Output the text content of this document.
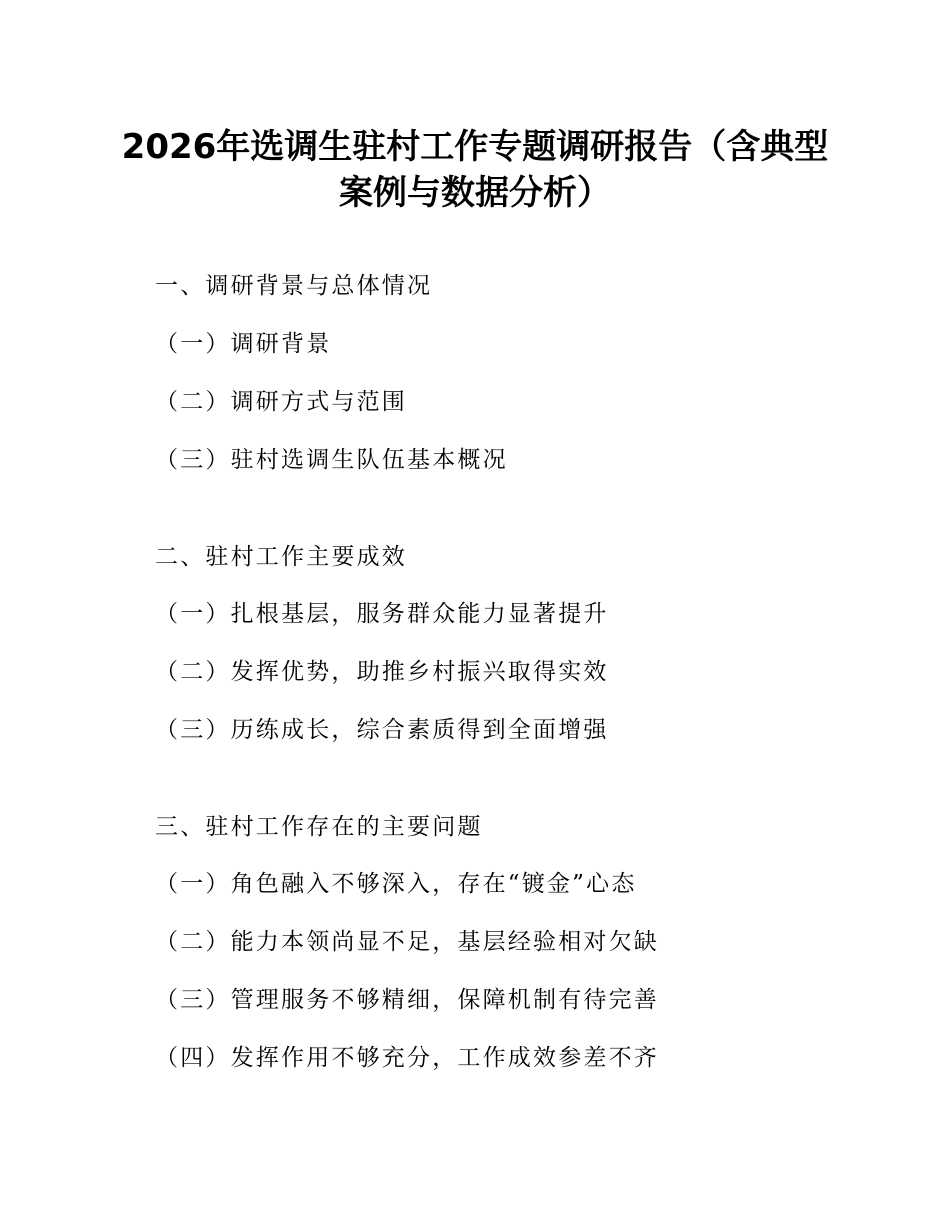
2026年选调生驻村工作专题调研报告（含典型
案例与数据分析）
一、调研背景与总体情况
（一）调研背景
（二）调研方式与范围
（三）驻村选调生队伍基本概况
二、驻村工作主要成效
（一）扎根基层，服务群众能力显著提升
（二）发挥优势，助推乡村振兴取得实效
（三）历练成长，综合素质得到全面增强
三、驻村工作存在的主要问题
（一）角色融入不够深入，存在“镀金”心态
（二）能力本领尚显不足，基层经验相对欠缺
（三）管理服务不够精细，保障机制有待完善
（四）发挥作用不够充分，工作成效参差不齐
